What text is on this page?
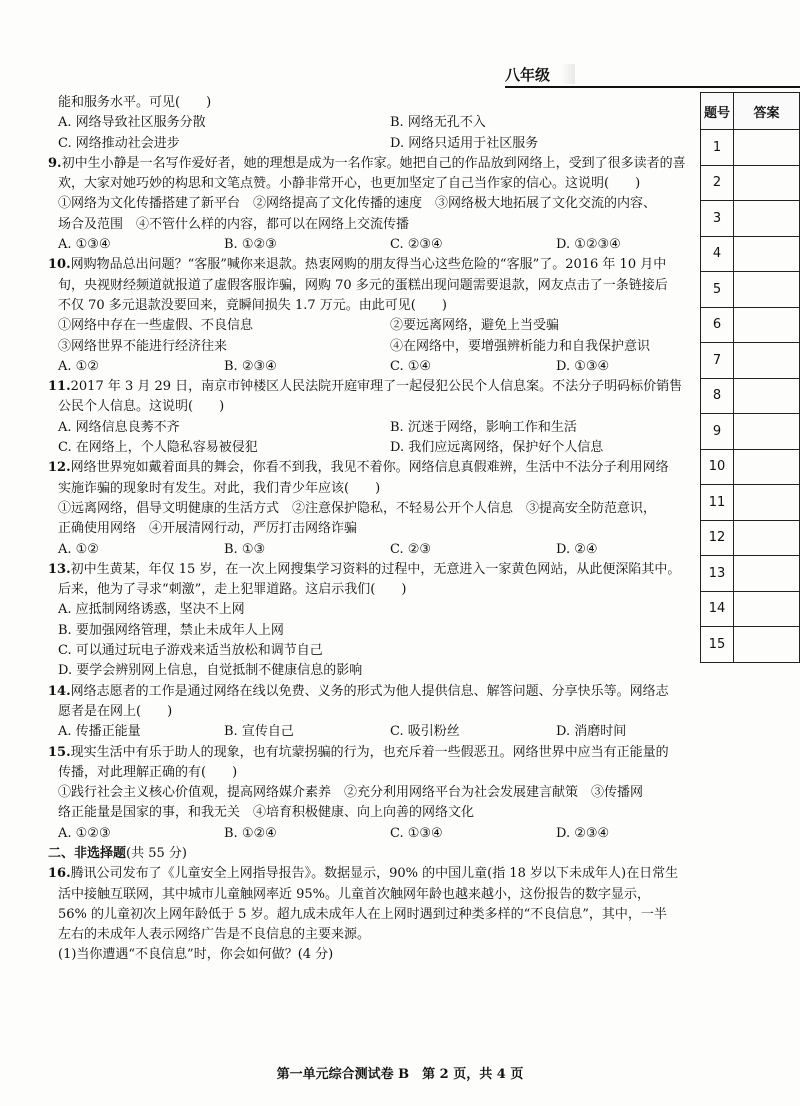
八年级
能和服务水平。可见(　　)
A. 网络导致社区服务分散	B. 网络无孔不入
C. 网络推动社会进步	D. 网络只适用于社区服务
9.初中生小静是一名写作爱好者，她的理想是成为一名作家。她把自己的作品放到网络上，受到了很多读者的喜
欢，大家对她巧妙的构思和文笔点赞。小静非常开心，也更加坚定了自己当作家的信心。这说明(　　)
①网络为文化传播搭建了新平台　②网络提高了文化传播的速度　③网络极大地拓展了文化交流的内容、
场合及范围　④不管什么样的内容，都可以在网络上交流传播
A. ①③④	B. ①②③	C. ②③④	D. ①②③④
10.网购物品总出问题？“客服”喊你来退款。热衷网购的朋友得当心这些危险的“客服”了。2016 年 10 月中
旬，央视财经频道就报道了虚假客服诈骗，网购 70 多元的蛋糕出现问题需要退款，网友点击了一条链接后
不仅 70 多元退款没要回来，竟瞬间损失 1.7 万元。由此可见(　　)
①网络中存在一些虚假、不良信息	②要远离网络，避免上当受骗
③网络世界不能进行经济往来	④在网络中，要增强辨析能力和自我保护意识
A. ①②	B. ②③④	C. ①④	D. ①③④
11.2017 年 3 月 29 日，南京市钟楼区人民法院开庭审理了一起侵犯公民个人信息案。不法分子明码标价销售
公民个人信息。这说明(　　)
A. 网络信息良莠不齐	B. 沉迷于网络，影响工作和生活
C. 在网络上，个人隐私容易被侵犯	D. 我们应远离网络，保护好个人信息
12.网络世界宛如戴着面具的舞会，你看不到我，我见不着你。网络信息真假难辨，生活中不法分子利用网络
实施诈骗的现象时有发生。对此，我们青少年应该(　　)
①远离网络，倡导文明健康的生活方式　②注意保护隐私，不轻易公开个人信息　③提高安全防范意识，
正确使用网络　④开展清网行动，严厉打击网络诈骗
A. ①②	B. ①③	C. ②③	D. ②④
13.初中生黄某，年仅 15 岁，在一次上网搜集学习资料的过程中，无意进入一家黄色网站，从此便深陷其中。
后来，他为了寻求“刺激”，走上犯罪道路。这启示我们(　　)
A. 应抵制网络诱惑，坚决不上网
B. 要加强网络管理，禁止未成年人上网
C. 可以通过玩电子游戏来适当放松和调节自己
D. 要学会辨别网上信息，自觉抵制不健康信息的影响
14.网络志愿者的工作是通过网络在线以免费、义务的形式为他人提供信息、解答问题、分享快乐等。网络志
愿者是在网上(　　)
A. 传播正能量	B. 宣传自己	C. 吸引粉丝	D. 消磨时间
15.现实生活中有乐于助人的现象，也有坑蒙拐骗的行为，也充斥着一些假恶丑。网络世界中应当有正能量的
传播，对此理解正确的有(　　)
①践行社会主义核心价值观，提高网络媒介素养　②充分利用网络平台为社会发展建言献策　③传播网
络正能量是国家的事，和我无关　④培育积极健康、向上向善的网络文化
A. ①②③	B. ①②④	C. ①③④	D. ②③④
二、非选择题(共 55 分)
16.腾讯公司发布了《儿童安全上网指导报告》。数据显示，90% 的中国儿童(指 18 岁以下未成年人)在日常生
活中接触互联网，其中城市儿童触网率近 95%。儿童首次触网年龄也越来越小，这份报告的数字显示，
56% 的儿童初次上网年龄低于 5 岁。超九成未成年人在上网时遇到过种类多样的“不良信息”，其中，一半
左右的未成年人表示网络广告是不良信息的主要来源。
(1)当你遭遇“不良信息”时，你会如何做？(4 分)
题号	答案
1	
2	
3	
4	
5	
6	
7	
8	
9	
10	
11	
12	
13	
14	
15	
第一单元综合测试卷 B　第 2 页，共 4 页
